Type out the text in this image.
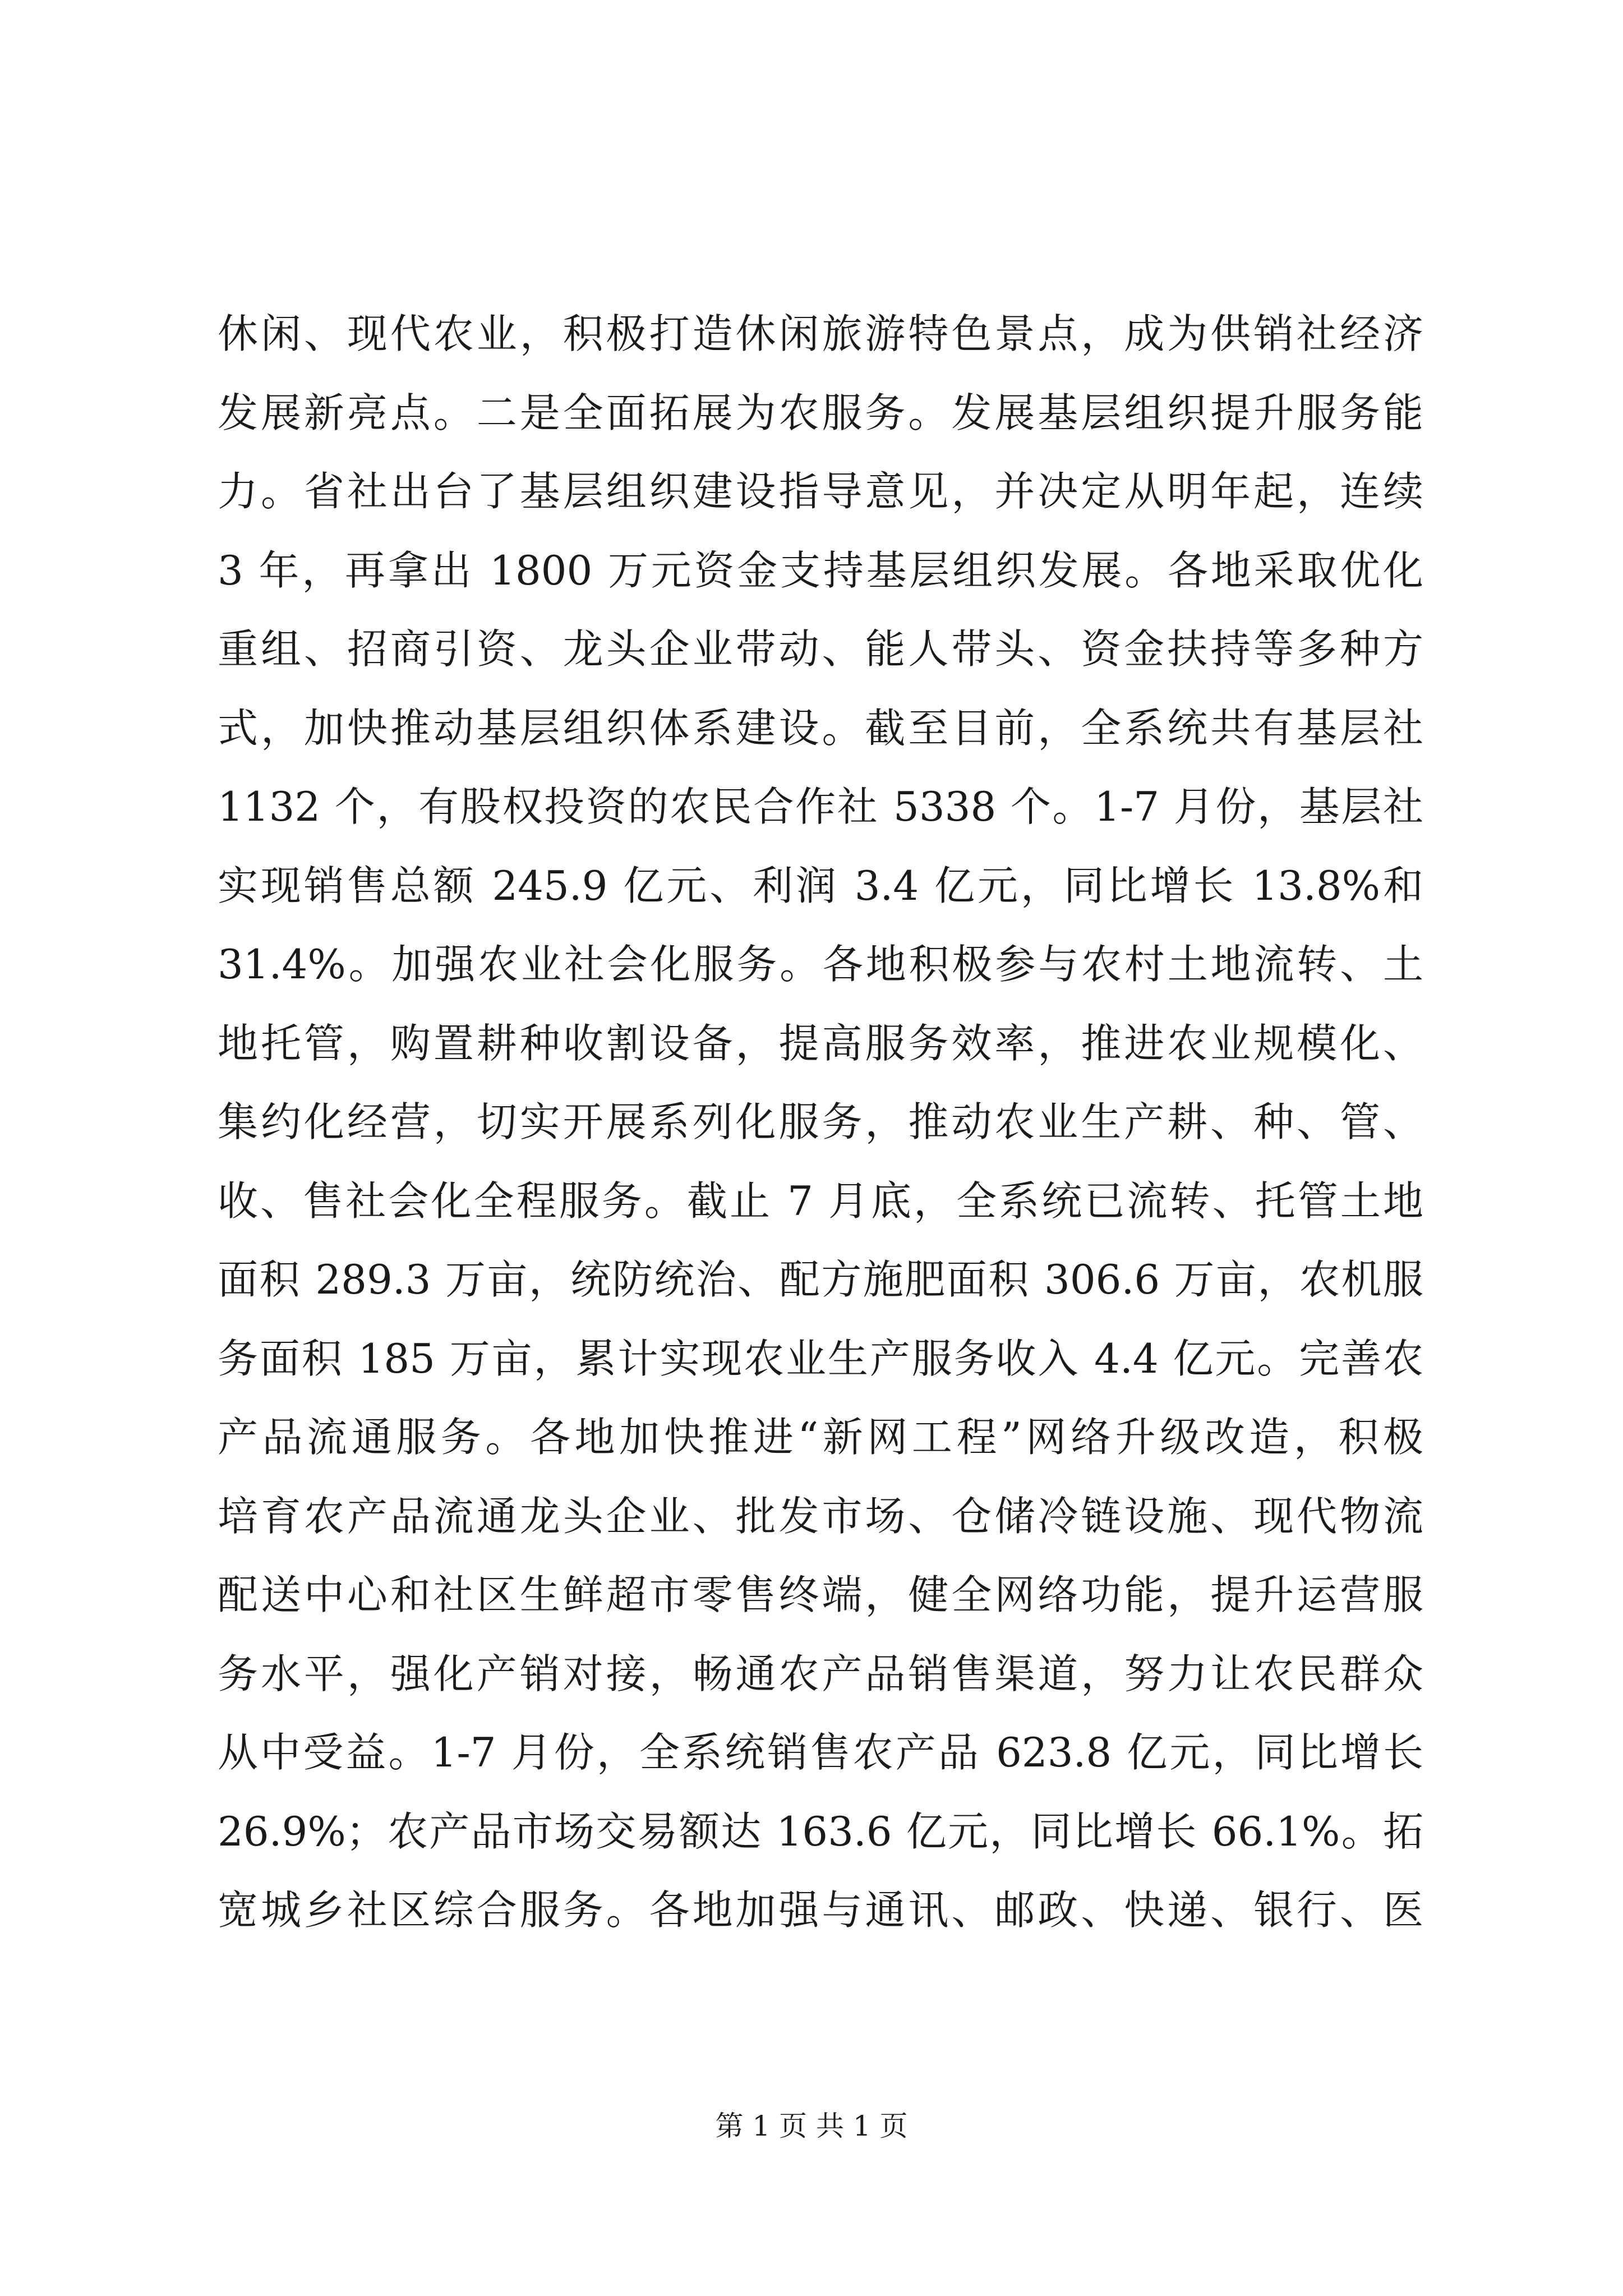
休闲、现代农业，积极打造休闲旅游特色景点，成为供销社经济
发展新亮点。二是全面拓展为农服务。发展基层组织提升服务能
力。省社出台了基层组织建设指导意见，并决定从明年起，连续
3 年，再拿出 1800 万元资金支持基层组织发展。各地采取优化
重组、招商引资、龙头企业带动、能人带头、资金扶持等多种方
式，加快推动基层组织体系建设。截至目前，全系统共有基层社
1132 个，有股权投资的农民合作社 5338 个。1-7 月份，基层社
实现销售总额 245.9 亿元、利润 3.4 亿元，同比增长 13.8%和
31.4%。加强农业社会化服务。各地积极参与农村土地流转、土
地托管，购置耕种收割设备，提高服务效率，推进农业规模化、
集约化经营，切实开展系列化服务，推动农业生产耕、种、管、
收、售社会化全程服务。截止 7 月底，全系统已流转、托管土地
面积 289.3 万亩，统防统治、配方施肥面积 306.6 万亩，农机服
务面积 185 万亩，累计实现农业生产服务收入 4.4 亿元。完善农
产品流通服务。各地加快推进“新网工程”网络升级改造，积极
培育农产品流通龙头企业、批发市场、仓储冷链设施、现代物流
配送中心和社区生鲜超市零售终端，健全网络功能，提升运营服
务水平，强化产销对接，畅通农产品销售渠道，努力让农民群众
从中受益。1-7 月份，全系统销售农产品 623.8 亿元，同比增长
26.9%；农产品市场交易额达 163.6 亿元，同比增长 66.1%。拓
宽城乡社区综合服务。各地加强与通讯、邮政、快递、银行、医
第 1 页 共 1 页
